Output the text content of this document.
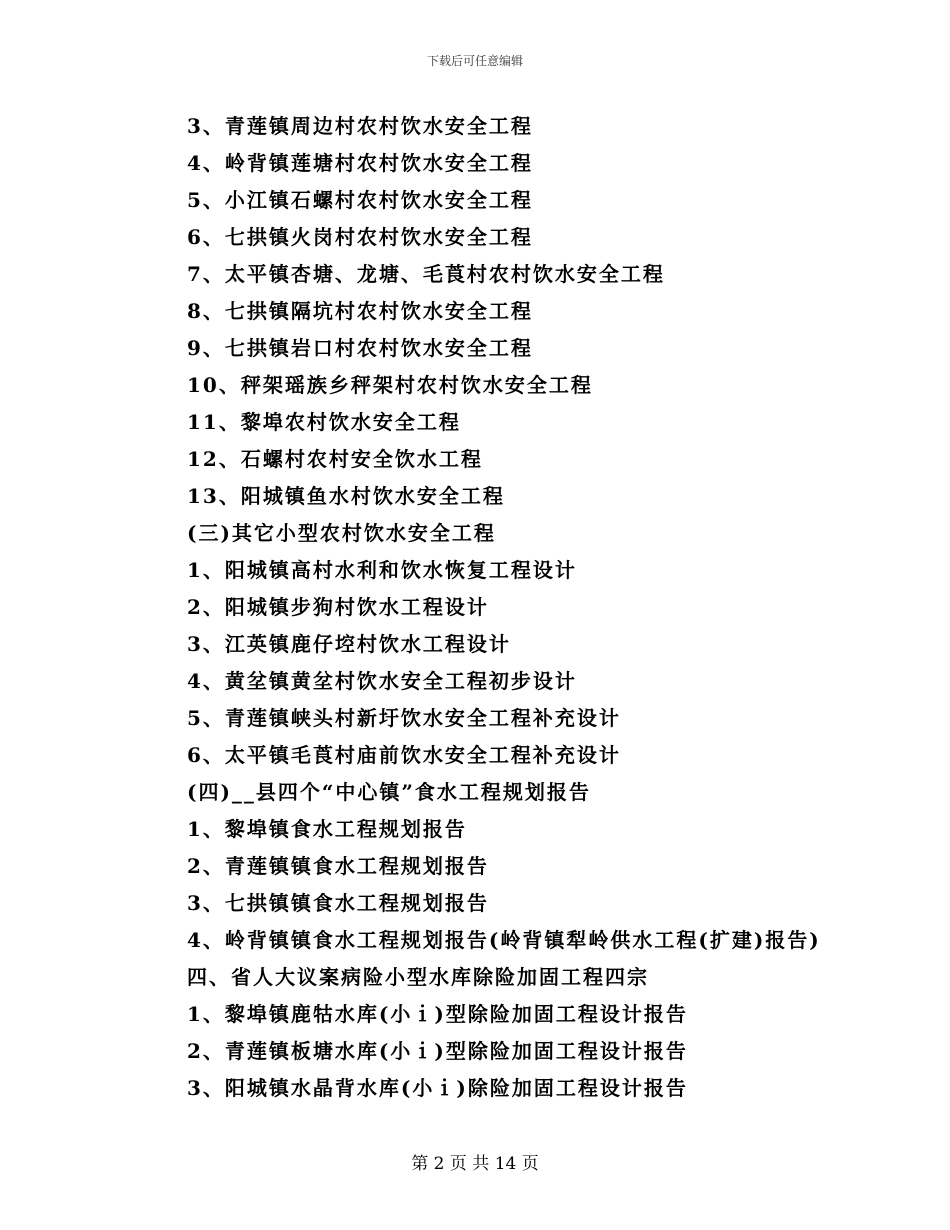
下载后可任意编辑
3、青莲镇周边村农村饮水安全工程
4、岭背镇莲塘村农村饮水安全工程
5、小江镇石螺村农村饮水安全工程
6、七拱镇火岗村农村饮水安全工程
7、太平镇杏塘、龙塘、毛莨村农村饮水安全工程
8、七拱镇隔坑村农村饮水安全工程
9、七拱镇岩口村农村饮水安全工程
10、秤架瑶族乡秤架村农村饮水安全工程
11、黎埠农村饮水安全工程
12、石螺村农村安全饮水工程
13、阳城镇鱼水村饮水安全工程
(三)其它小型农村饮水安全工程
1、阳城镇高村水利和饮水恢复工程设计
2、阳城镇步狗村饮水工程设计
3、江英镇鹿仔埪村饮水工程设计
4、黄坌镇黄坌村饮水安全工程初步设计
5、青莲镇峡头村新圩饮水安全工程补充设计
6、太平镇毛莨村庙前饮水安全工程补充设计
(四)__县四个“中心镇”食水工程规划报告
1、黎埠镇食水工程规划报告
2、青莲镇镇食水工程规划报告
3、七拱镇镇食水工程规划报告
4、岭背镇镇食水工程规划报告(岭背镇犁岭供水工程(扩建)报告)
四、省人大议案病险小型水库除险加固工程四宗
1、黎埠镇鹿牯水库(小ｉ)型除险加固工程设计报告
2、青莲镇板塘水库(小ｉ)型除险加固工程设计报告
3、阳城镇水晶背水库(小ｉ)除险加固工程设计报告
第 2 页 共 14 页
